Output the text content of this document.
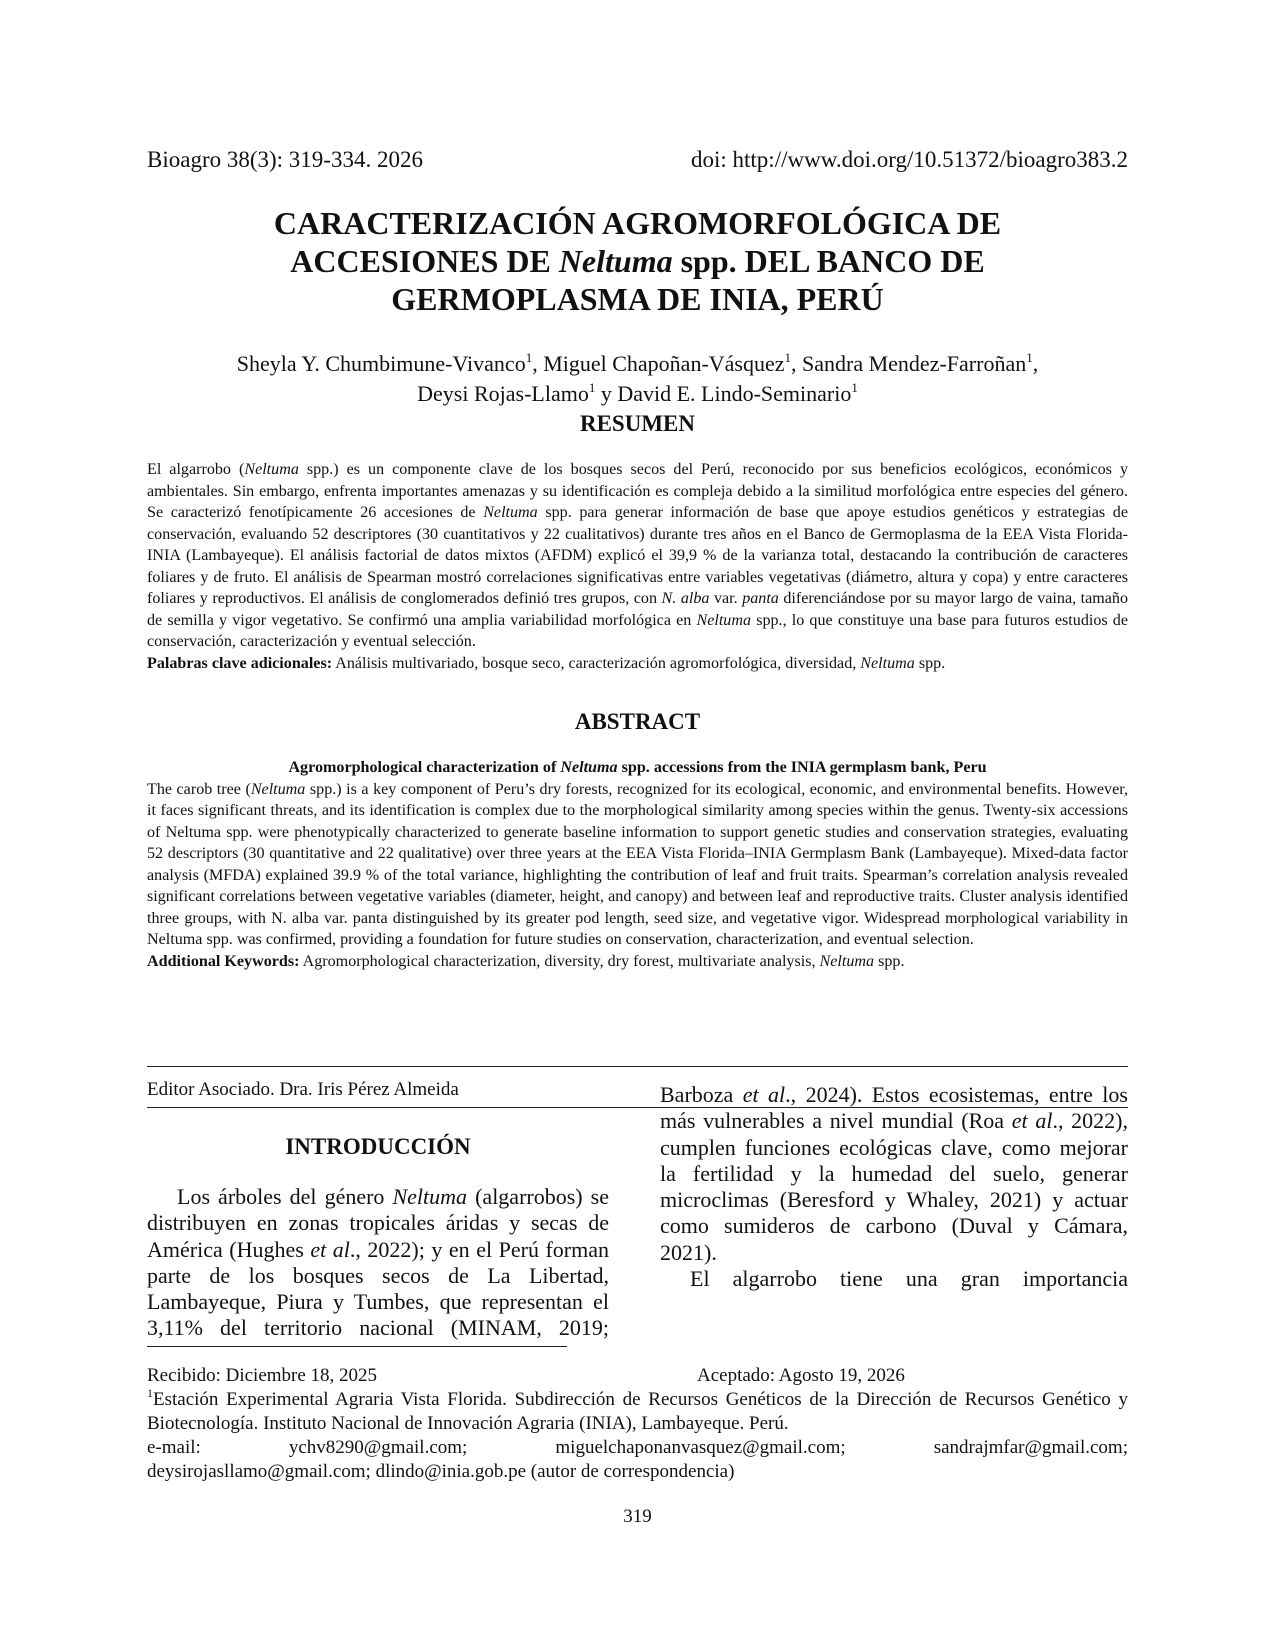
Bioagro 38(3): 319-334. 2026	doi: http://www.doi.org/10.51372/bioagro383.2
CARACTERIZACIÓN AGROMORFOLÓGICA DE
ACCESIONES DE Neltuma spp. DEL BANCO DE
GERMOPLASMA DE INIA, PERÚ
Sheyla Y. Chumbimune-Vivanco$^1$, Miguel Chapoñan-Vásquez$^1$, Sandra Mendez-Farroñan$^1$,
Deysi Rojas-Llamo$^1$ y David E. Lindo-Seminario$^1$
RESUMEN

El algarrobo (Neltuma spp.) es un componente clave de los bosques secos del Perú, reconocido por sus beneficios ecológicos, económicos y ambientales. Sin embargo, enfrenta importantes amenazas y su identificación es compleja debido a la similitud morfológica entre especies del género. Se caracterizó fenotípicamente 26 accesiones de Neltuma spp. para generar información de base que apoye estudios genéticos y estrategias de conservación, evaluando 52 descriptores (30 cuantitativos y 22 cualitativos) durante tres años en el Banco de Germoplasma de la EEA Vista Florida-INIA (Lambayeque). El análisis factorial de datos mixtos (AFDM) explicó el 39,9 % de la varianza total, destacando la contribución de caracteres foliares y de fruto. El análisis de Spearman mostró correlaciones significativas entre variables vegetativas (diámetro, altura y copa) y entre caracteres foliares y reproductivos. El análisis de conglomerados definió tres grupos, con N. alba var. panta diferenciándose por su mayor largo de vaina, tamaño de semilla y vigor vegetativo. Se confirmó una amplia variabilidad morfológica en Neltuma spp., lo que constituye una base para futuros estudios de conservación, caracterización y eventual selección.

Palabras clave adicionales: Análisis multivariado, bosque seco, caracterización agromorfológica, diversidad, Neltuma spp.

ABSTRACT

Agromorphological characterization of Neltuma spp. accessions from the INIA germplasm bank, Peru

The carob tree (Neltuma spp.) is a key component of Peru’s dry forests, recognized for its ecological, economic, and environmental benefits. However, it faces significant threats, and its identification is complex due to the morphological similarity among species within the genus. Twenty-six accessions of Neltuma spp. were phenotypically characterized to generate baseline information to support genetic studies and conservation strategies, evaluating 52 descriptors (30 quantitative and 22 qualitative) over three years at the EEA Vista Florida–INIA Germplasm Bank (Lambayeque). Mixed-data factor analysis (MFDA) explained 39.9 % of the total variance, highlighting the contribution of leaf and fruit traits. Spearman’s correlation analysis revealed significant correlations between vegetative variables (diameter, height, and canopy) and between leaf and reproductive traits. Cluster analysis identified three groups, with N. alba var. panta distinguished by its greater pod length, seed size, and vegetative vigor. Widespread morphological variability in Neltuma spp. was confirmed, providing a foundation for future studies on conservation, characterization, and eventual selection.

Additional Keywords: Agromorphological characterization, diversity, dry forest, multivariate analysis, Neltuma spp.

Editor Asociado. Dra. Iris Pérez Almeida
INTRODUCCIÓN

Los árboles del género Neltuma (algarrobos) se distribuyen en zonas tropicales áridas y secas de América (Hughes et al., 2022); y en el Perú forman parte de los bosques secos de La Libertad, Lambayeque, Piura y Tumbes, que representan el 3,11% del territorio nacional (MINAM, 2019;

Barboza et al., 2024). Estos ecosistemas, entre los más vulnerables a nivel mundial (Roa et al., 2022), cumplen funciones ecológicas clave, como mejorar la fertilidad y la humedad del suelo, generar microclimas (Beresford y Whaley, 2021) y actuar como sumideros de carbono (Duval y Cámara, 2021).

El algarrobo tiene una gran importancia

Recibido: Diciembre 18, 2025	Aceptado: Agosto 19, 2026

$^1$Estación Experimental Agraria Vista Florida. Subdirección de Recursos Genéticos de la Dirección de Recursos Genético y Biotecnología. Instituto Nacional de Innovación Agraria (INIA), Lambayeque. Perú.

e-mail:	ychv8290@gmail.com;	miguelchaponanvasquez@gmail.com;	sandrajmfar@gmail.com;

deysirojasllamo@gmail.com; dlindo@inia.gob.pe (autor de correspondencia)

319
